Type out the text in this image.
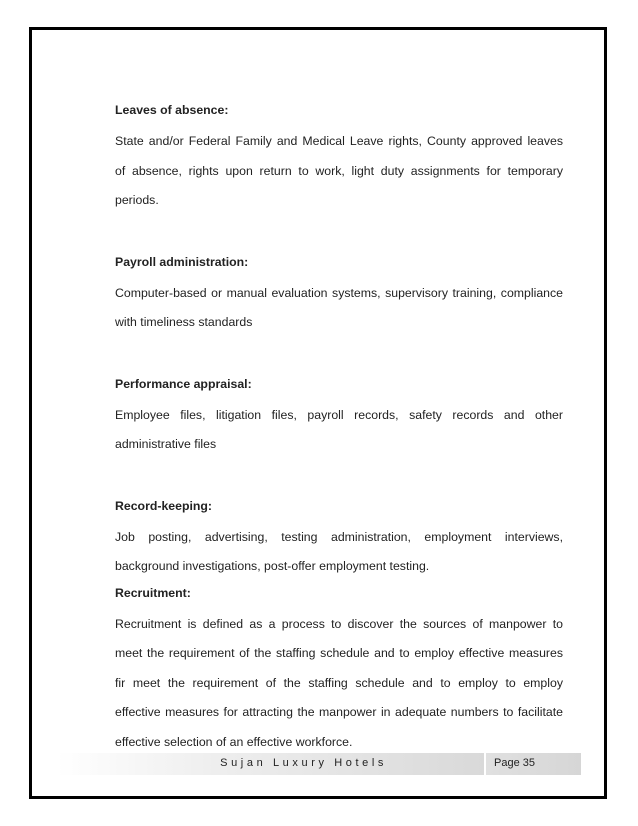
Leaves of absence:

State and/or Federal Family and Medical Leave rights, County approved leaves

of absence, rights upon return to work, light duty assignments for temporary

periods.

Payroll administration:

Computer-based or manual evaluation systems, supervisory training, compliance

with timeliness standards

Performance appraisal:

Employee files, litigation files, payroll records, safety records and other

administrative files

Record-keeping:

Job posting, advertising, testing administration, employment interviews,

background investigations, post-offer employment testing.

Recruitment:

Recruitment is defined as a process to discover the sources of manpower to

meet the requirement of the staffing schedule and to employ effective measures

fir meet the requirement of the staffing schedule and to employ to employ

effective measures for attracting the manpower in adequate numbers to facilitate

effective selection of an effective workforce.

Sujan Luxury Hotels	Page 35
